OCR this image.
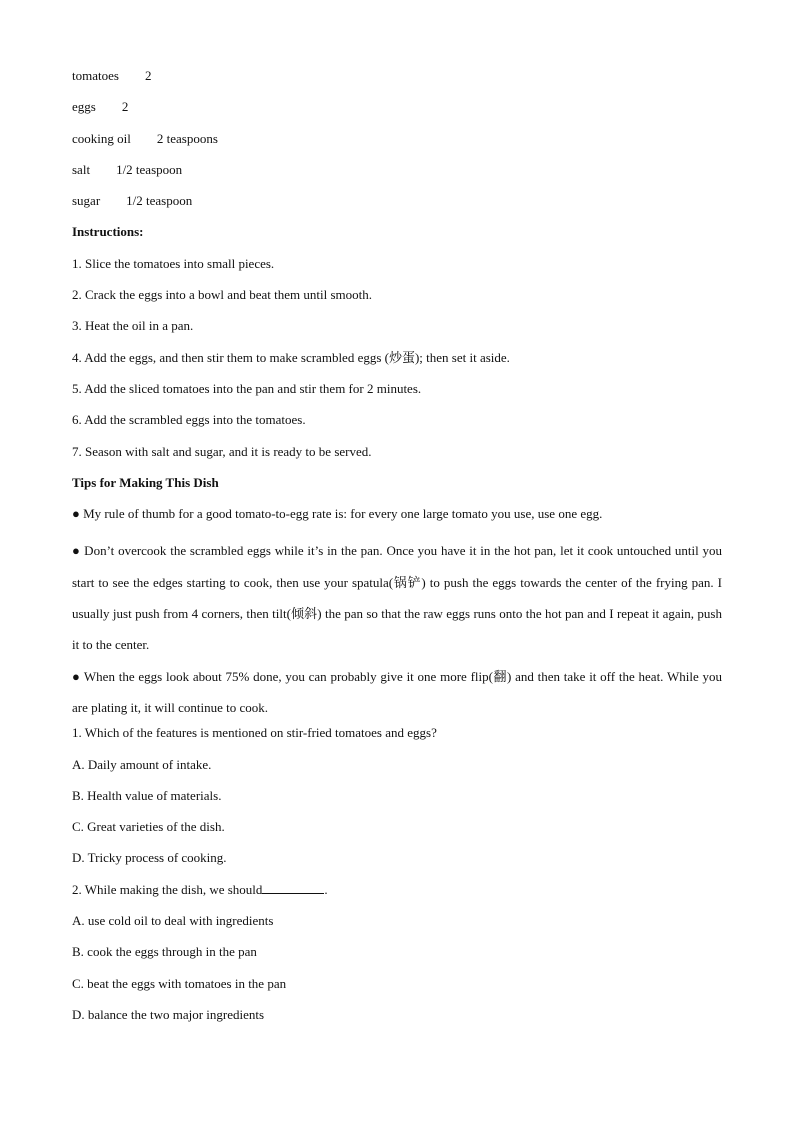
tomatoes 2
eggs 2
cooking oil 2 teaspoons
salt 1/2 teaspoon
sugar 1/2 teaspoon
Instructions:
1. Slice the tomatoes into small pieces.
2. Crack the eggs into a bowl and beat them until smooth.
3. Heat the oil in a pan.
4. Add the eggs, and then stir them to make scrambled eggs (炒蛋); then set it aside.
5. Add the sliced tomatoes into the pan and stir them for 2 minutes.
6. Add the scrambled eggs into the tomatoes.
7. Season with salt and sugar, and it is ready to be served.
Tips for Making This Dish
● My rule of thumb for a good tomato-to-egg rate is: for every one large tomato you use, use one egg.
● Don’t overcook the scrambled eggs while it’s in the pan. Once you have it in the hot pan, let it cook untouched until you start to see the edges starting to cook, then use your spatula(锅铲) to push the eggs towards the center of the frying pan. I usually just push from 4 corners, then tilt(倾斜) the pan so that the raw eggs runs onto the hot pan and I repeat it again, push it to the center.
● When the eggs look about 75% done, you can probably give it one more flip(翻) and then take it off the heat. While you are plating it, it will continue to cook.
1. Which of the features is mentioned on stir-fried tomatoes and eggs?
A. Daily amount of intake.
B. Health value of materials.
C. Great varieties of the dish.
D. Tricky process of cooking.
2. While making the dish, we should	.
A. use cold oil to deal with ingredients
B. cook the eggs through in the pan
C. beat the eggs with tomatoes in the pan
D. balance the two major ingredients
